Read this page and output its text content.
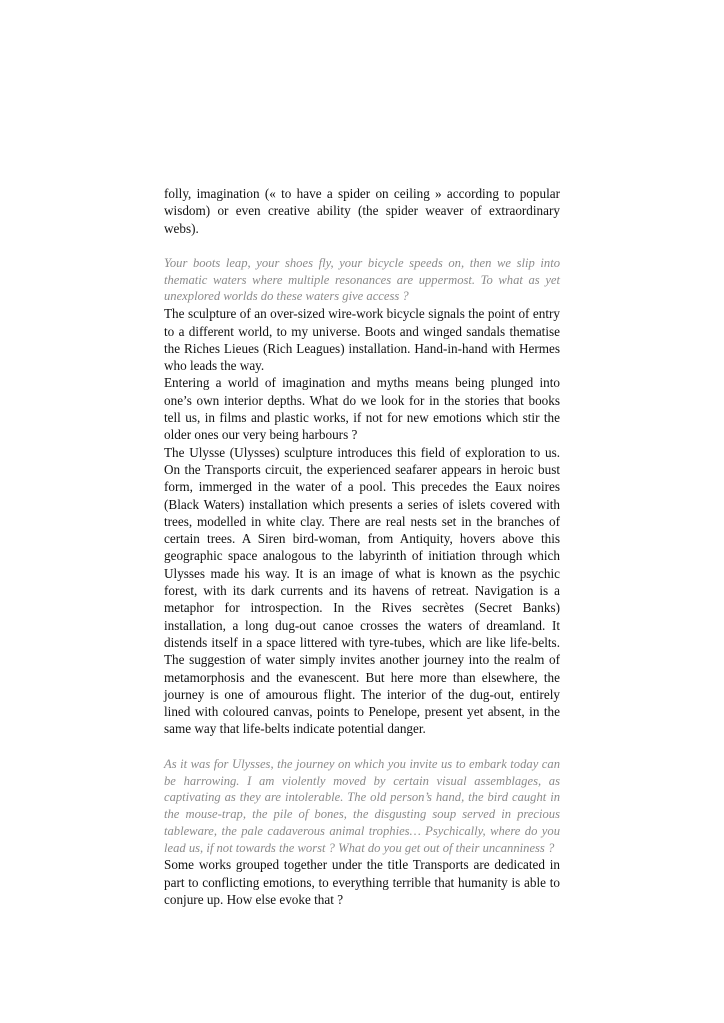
folly, imagination (« to have a spider on ceiling » according to popular wisdom) or even creative ability (the spider weaver of extraordinary webs).

Your boots leap, your shoes fly, your bicycle speeds on, then we slip into thematic waters where multiple resonances are uppermost. To what as yet unexplored worlds do these waters give access ?

The sculpture of an over-sized wire-work bicycle signals the point of entry to a different world, to my universe. Boots and winged sandals thematise the Riches Lieues (Rich Leagues) installation. Hand-in-hand with Hermes who leads the way.

Entering a world of imagination and myths means being plunged into one’s own interior depths. What do we look for in the stories that books tell us, in films and plastic works, if not for new emotions which stir the older ones our very being harbours ?

The Ulysse (Ulysses) sculpture introduces this field of exploration to us. On the Transports circuit, the experienced seafarer appears in heroic bust form, immerged in the water of a pool. This precedes the Eaux noires (Black Waters) installation which presents a series of islets covered with trees, modelled in white clay. There are real nests set in the branches of certain trees. A Siren bird-woman, from Antiquity, hovers above this geographic space analogous to the labyrinth of initiation through which Ulysses made his way. It is an image of what is known as the psychic forest, with its dark currents and its havens of retreat. Navigation is a metaphor for introspection. In the Rives secrètes (Secret Banks) installation, a long dug-out canoe crosses the waters of dreamland. It distends itself in a space littered with tyre-tubes, which are like life-belts. The suggestion of water simply invites another journey into the realm of metamorphosis and the evanescent. But here more than elsewhere, the journey is one of amourous flight. The interior of the dug-out, entirely lined with coloured canvas, points to Penelope, present yet absent, in the same way that life-belts indicate potential danger.

As it was for Ulysses, the journey on which you invite us to embark today can be harrowing. I am violently moved by certain visual assemblages, as captivating as they are intolerable. The old person’s hand, the bird caught in the mouse-trap, the pile of bones, the disgusting soup served in precious tableware, the pale cadaverous animal trophies… Psychically, where do you lead us, if not towards the worst ? What do you get out of their uncanniness ?

Some works grouped together under the title Transports are dedicated in part to conflicting emotions, to everything terrible that humanity is able to conjure up. How else evoke that ?
